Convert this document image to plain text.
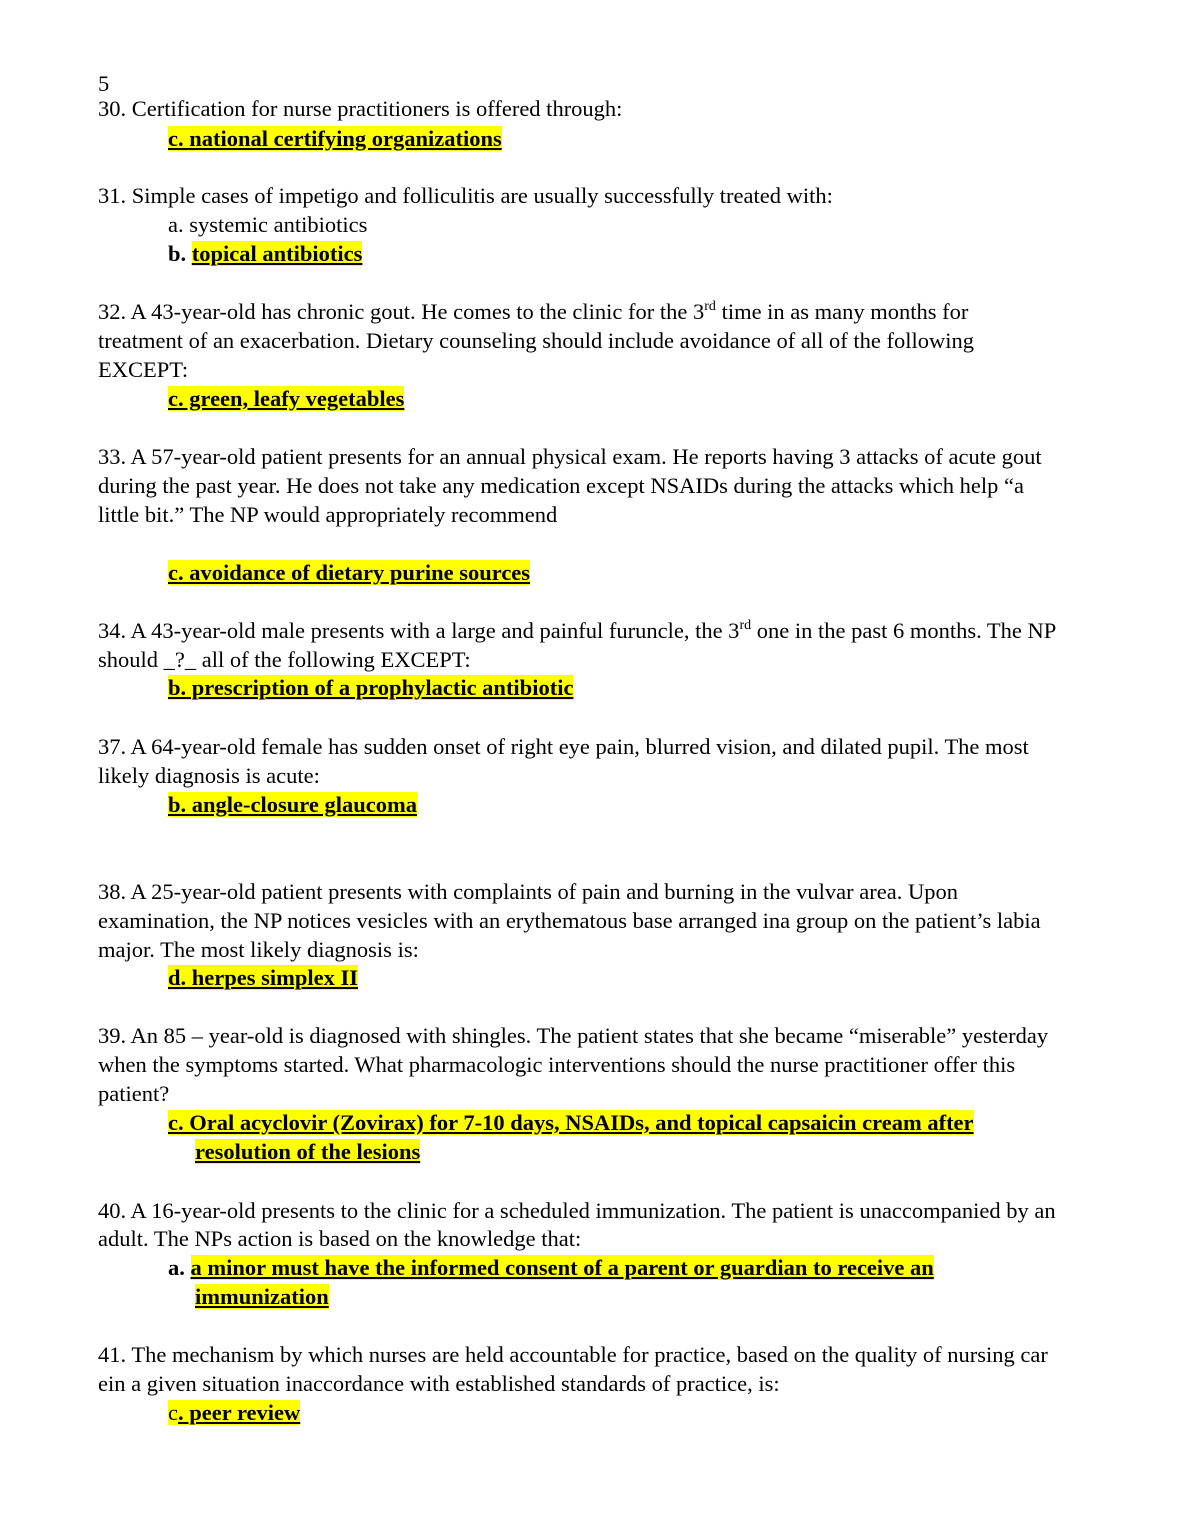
5
30. Certification for nurse practitioners is offered through:
c. national certifying organizations
31. Simple cases of impetigo and folliculitis are usually successfully treated with:
a. systemic antibiotics
b. topical antibiotics
32. A 43-year-old has chronic gout. He comes to the clinic for the 3rd time in as many months for
treatment of an exacerbation. Dietary counseling should include avoidance of all of the following
EXCEPT:
c. green, leafy vegetables
33. A 57-year-old patient presents for an annual physical exam. He reports having 3 attacks of acute gout
during the past year. He does not take any medication except NSAIDs during the attacks which help “a
little bit.” The NP would appropriately recommend
c. avoidance of dietary purine sources
34. A 43-year-old male presents with a large and painful furuncle, the 3rd one in the past 6 months. The NP
should _?_ all of the following EXCEPT:
b. prescription of a prophylactic antibiotic
37. A 64-year-old female has sudden onset of right eye pain, blurred vision, and dilated pupil. The most
likely diagnosis is acute:
b. angle-closure glaucoma
38. A 25-year-old patient presents with complaints of pain and burning in the vulvar area. Upon
examination, the NP notices vesicles with an erythematous base arranged ina group on the patient’s labia
major. The most likely diagnosis is:
d. herpes simplex II
39. An 85 – year-old is diagnosed with shingles. The patient states that she became “miserable” yesterday
when the symptoms started. What pharmacologic interventions should the nurse practitioner offer this
patient?
c. Oral acyclovir (Zovirax) for 7-10 days, NSAIDs, and topical capsaicin cream after
resolution of the lesions
40. A 16-year-old presents to the clinic for a scheduled immunization. The patient is unaccompanied by an
adult. The NPs action is based on the knowledge that:
a. a minor must have the informed consent of a parent or guardian to receive an
immunization
41. The mechanism by which nurses are held accountable for practice, based on the quality of nursing car
ein a given situation inaccordance with established standards of practice, is:
c. peer review
